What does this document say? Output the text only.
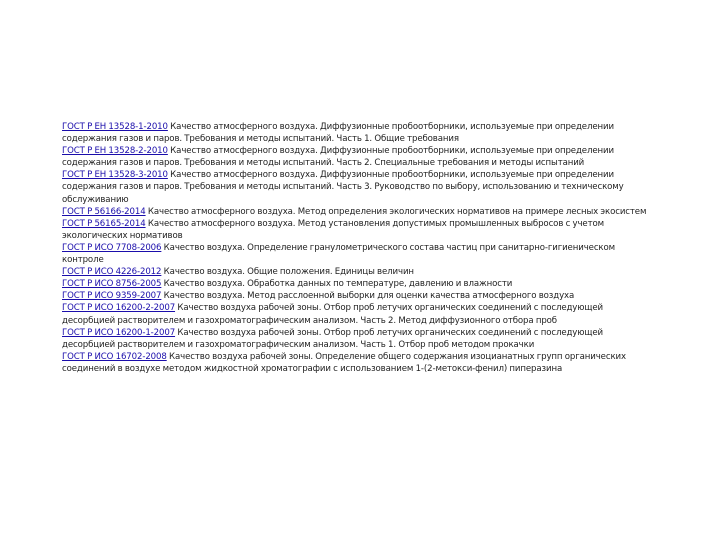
ГОСТ Р ЕН 13528-1-2010 Качество атмосферного воздуха. Диффузионные пробоотборники, используемые при определении содержания газов и паров. Требования и методы испытаний. Часть 1. Общие требования
ГОСТ Р ЕН 13528-2-2010 Качество атмосферного воздуха. Диффузионные пробоотборники, используемые при определении содержания газов и паров. Требования и методы испытаний. Часть 2. Специальные требования и методы испытаний
ГОСТ Р ЕН 13528-3-2010 Качество атмосферного воздуха. Диффузионные пробоотборники, используемые при определении содержания газов и паров. Требования и методы испытаний. Часть 3. Руководство по выбору, использованию и техническому обслуживанию
ГОСТ Р 56166-2014 Качество атмосферного воздуха. Метод определения экологических нормативов на примере лесных экосистем
ГОСТ Р 56165-2014 Качество атмосферного воздуха. Метод установления допустимых промышленных выбросов с учетом экологических нормативов
ГОСТ Р ИСО 7708-2006 Качество воздуха. Определение гранулометрического состава частиц при санитарно-гигиеническом контроле
ГОСТ Р ИСО 4226-2012 Качество воздуха. Общие положения. Единицы величин
ГОСТ Р ИСО 8756-2005 Качество воздуха. Обработка данных по температуре, давлению и влажности
ГОСТ Р ИСО 9359-2007 Качество воздуха. Метод расслоенной выборки для оценки качества атмосферного воздуха
ГОСТ Р ИСО 16200-2-2007 Качество воздуха рабочей зоны. Отбор проб летучих органических соединений с последующей десорбцией растворителем и газохроматографическим анализом. Часть 2. Метод диффузионного отбора проб
ГОСТ Р ИСО 16200-1-2007 Качество воздуха рабочей зоны. Отбор проб летучих органических соединений с последующей десорбцией растворителем и газохроматографическим анализом. Часть 1. Отбор проб методом прокачки
ГОСТ Р ИСО 16702-2008 Качество воздуха рабочей зоны. Определение общего содержания изоцианатных групп органических соединений в воздухе методом жидкостной хроматографии с использованием 1-(2-метокси-фенил) пиперазина
